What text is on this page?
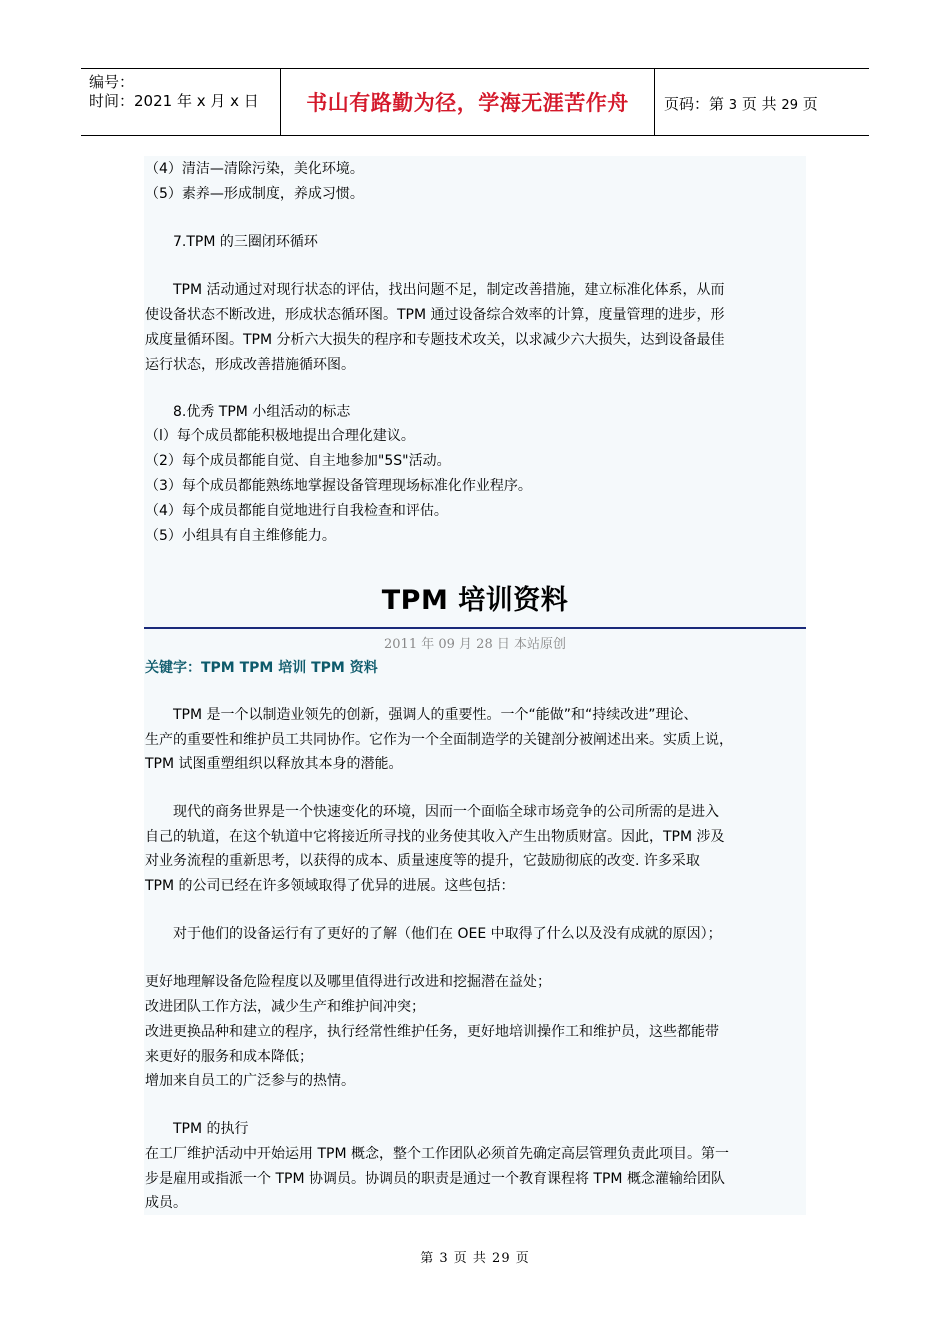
编号：
时间：2021 年 x 月 x 日	书山有路勤为径，学海无涯苦作舟	页码：第 3 页 共 29 页
（4）清洁—清除污染，美化环境。
（5）素养—形成制度，养成习惯。
7.TPM 的三圈闭环循环
TPM 活动通过对现行状态的评估，找出问题不足，制定改善措施，建立标准化体系，从而
使设备状态不断改进，形成状态循环图。TPM 通过设备综合效率的计算，度量管理的进步，形
成度量循环图。TPM 分析六大损失的程序和专题技术攻关，以求减少六大损失，达到设备最佳
运行状态，形成改善措施循环图。
8.优秀 TPM 小组活动的标志
（l）每个成员都能积极地提出合理化建议。
（2）每个成员都能自觉、自主地参加"5S"活动。
（3）每个成员都能熟练地掌握设备管理现场标准化作业程序。
（4）每个成员都能自觉地进行自我检查和评估。
（5）小组具有自主维修能力。
TPM 培训资料
2011 年 09 月 28 日 本站原创
关键字：TPM TPM 培训 TPM 资料
TPM 是一个以制造业领先的创新，强调人的重要性。一个“能做”和“持续改进”理论、
生产的重要性和维护员工共同协作。它作为一个全面制造学的关键剖分被阐述出来。实质上说，
TPM 试图重塑组织以释放其本身的潜能。
现代的商务世界是一个快速变化的环境，因而一个面临全球市场竞争的公司所需的是进入
自己的轨道，在这个轨道中它将接近所寻找的业务使其收入产生出物质财富。因此，TPM 涉及
对业务流程的重新思考，以获得的成本、质量速度等的提升，它鼓励彻底的改变. 许多采取
TPM 的公司已经在许多领域取得了优异的进展。这些包括：
对于他们的设备运行有了更好的了解（他们在 OEE 中取得了什么以及没有成就的原因）；
更好地理解设备危险程度以及哪里值得进行改进和挖掘潜在益处；
改进团队工作方法，减少生产和维护间冲突；
改进更换品种和建立的程序，执行经常性维护任务，更好地培训操作工和维护员，这些都能带
来更好的服务和成本降低；
增加来自员工的广泛参与的热情。
TPM 的执行
在工厂维护活动中开始运用 TPM 概念，整个工作团队必须首先确定高层管理负责此项目。第一
步是雇用或指派一个 TPM 协调员。协调员的职责是通过一个教育课程将 TPM 概念灌输给团队
成员。
第 3 页 共 29 页
